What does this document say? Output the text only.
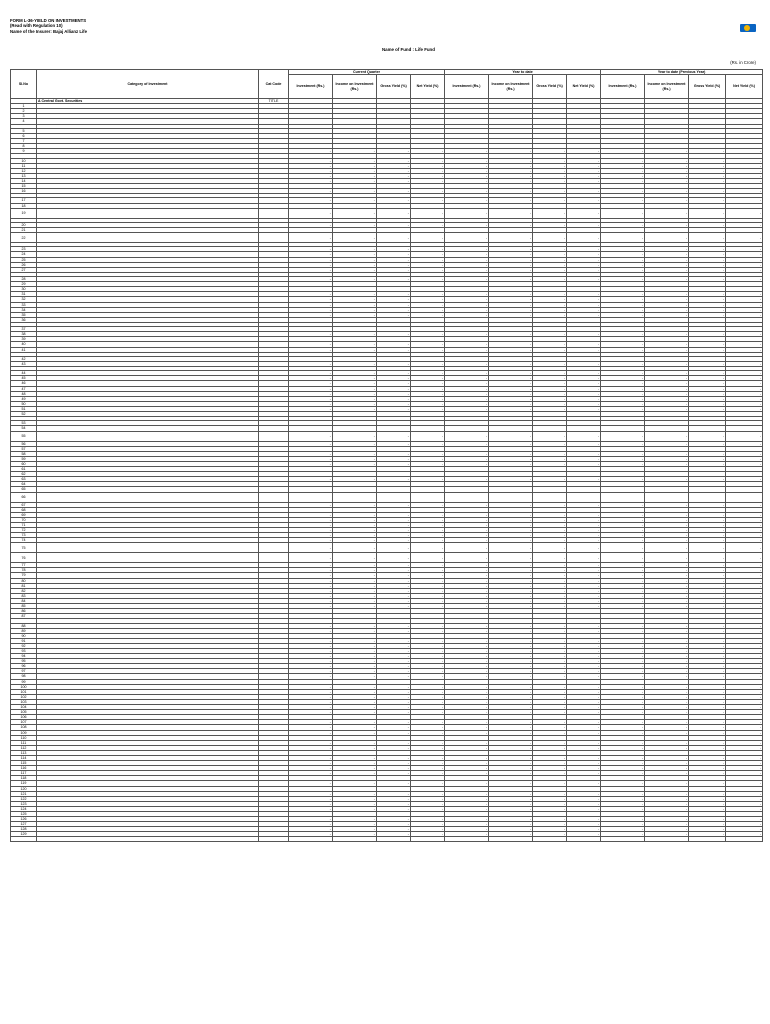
FORM L-36-YIELD ON INVESTMENTS
(Read with Regulation 10)
Name of the Insurer: Bajaj Allianz Life
Name of Fund : Life Fund
(Rs. in Crore)
Sl.No	Category of Investment	Cat Code	Current Quarter				Year to date				Year to date (Previous Year)			
			Investment (Rs.)	Income on Investment (Rs.)	Gross Yield (%)	Net Yield (%)	Investment (Rs.)	Income on Investment (Rs.)	Gross Yield (%)	Net Yield (%)	Investment (Rs.)	Income on Investment (Rs.)	Gross Yield (%)	Net Yield (%)
	A Central Govt. Securities	TITLE												
1														
2														
3														
4														

5														
6														
7														
8														
9			-	-	-	-	-	-	-	-	-	-	-	-

10			-	-	-	-	-	-	-	-	-	-	-	-
11			-	-	-	-	-	-	-	-	-	-	-	-
12			-	-	-	-	-	-	-	-	-	-	-	-
13			-	-	-	-	-	-	-	-	-	-	-	-
14			-	-	-	-	-	-	-	-	-	-	-	-
15														
16			-	-	-	-	-	-	-	-	-	-	-	-

17			-	-	-	-	-	-	-	-	-	-	-	-
18														
19			-	-	-	-	-	-	-	-	-	-	-	-

20			-	-	-	-	-	-	-	-	-	-	-	-
21														
22			-	-	-	-	-	-	-	-	-	-	-	-

23			-	-	-	-	-	-	-	-	-	-	-	-
24			-	-	-	-	-	-	-	-	-	-	-	-
25			-	-	-	-	-	-	-	-	-	-	-	-
26			-	-	-	-	-	-	-	-	-	-	-	-
27			-	-	-	-	-	-	-	-	-	-	-	-

28			-	-	-	-	-	-	-	-	-	-	-	-
29														
30														
31			-	-	-	-	-	-	-	-	-	-	-	-
32			-	-	-	-	-	-	-	-	-	-	-	-
33			-	-	-	-	-	-	-	-	-	-	-	-
34			-	-	-	-	-	-	-	-	-	-	-	-
35			-	-	-	-	-	-	-	-	-	-	-	-
36														

37														
38			-	-	-	-	-	-	-	-	-	-	-	-
39														
40			-	-	-	-	-	-	-	-	-	-	-	-
41			-	-	-	-	-	-	-	-	-	-	-	-

42														
43			-	-	-	-	-	-	-	-	-	-	-	-

44			-	-	-	-	-	-	-	-	-	-	-	-
45			-	-	-	-	-	-	-	-	-	-	-	-
46			-	-	-	-	-	-	-	-	-	-	-	-
47			-	-	-	-	-	-	-	-	-	-	-	-
48			-	-	-	-	-	-	-	-	-	-	-	-
49			-	-	-	-	-	-	-	-	-	-	-	-
50			-	-	-	-	-	-	-	-	-	-	-	-
51			-	-	-	-	-	-	-	-	-	-	-	-
52														

53														
54														
55			-	-	-	-	-	-	-	-	-	-	-	-
56			-	-	-	-	-	-	-	-	-	-	-	-
57														
58			-	-	-	-	-	-	-	-	-	-	-	-
59			-	-	-	-	-	-	-	-	-	-	-	-
60			-	-	-	-	-	-	-	-	-	-	-	-
61														
62														
63			-	-	-	-	-	-	-	-	-	-	-	-
64														
65														
66														
67			-	-	-	-	-	-	-	-	-	-	-	-
68														
69			-	-	-	-	-	-	-	-	-	-	-	-
70			-	-	-	-	-	-	-	-	-	-	-	-
71			-	-	-	-	-	-	-	-	-	-	-	-
72			-	-	-	-	-	-	-	-	-	-	-	-
73			-	-	-	-	-	-	-	-	-	-	-	-
74			-	-	-	-	-	-	-	-	-	-	-	-
75			-	-	-	-	-	-	-	-	-	-	-	-
76			-	-	-	-	-	-	-	-	-	-	-	-
77			-	-	-	-	-	-	-	-	-	-	-	-
78			-	-	-	-	-	-	-	-	-	-	-	-
79			-	-	-	-	-	-	-	-	-	-	-	-
80			-	-	-	-	-	-	-	-	-	-	-	-
81			-	-	-	-	-	-	-	-	-	-	-	-
82			-	-	-	-	-	-	-	-	-	-	-	-
83			-	-	-	-	-	-	-	-	-	-	-	-
84			-	-	-	-	-	-	-	-	-	-	-	-
85			-	-	-	-	-	-	-	-	-	-	-	-
86														
87														

88			-	-	-	-	-	-	-	-	-	-	-	-
89			-	-	-	-	-	-	-	-	-	-	-	-
90														
91			-	-	-	-	-	-	-	-	-	-	-	-
92			-	-	-	-	-	-	-	-	-	-	-	-
93			-	-	-	-	-	-	-	-	-	-	-	-
94			-	-	-	-	-	-	-	-	-	-	-	-
95			-	-	-	-	-	-	-	-	-	-	-	-
96			-	-	-	-	-	-	-	-	-	-	-	-
97			-	-	-	-	-	-	-	-	-	-	-	-
98			-	-	-	-	-	-	-	-	-	-	-	-
99														
100			-	-	-	-	-	-	-	-	-	-	-	-
101			-	-	-	-	-	-	-	-	-	-	-	-
102			-	-	-	-	-	-	-	-	-	-	-	-
103			-	-	-	-	-	-	-	-	-	-	-	-
104			-	-	-	-	-	-	-	-	-	-	-	-
105			-	-	-	-	-	-	-	-	-	-	-	-
106														
107			-	-	-	-	-	-	-	-	-	-	-	-
108			-	-	-	-	-	-	-	-	-	-	-	-
109			-	-	-	-	-	-	-	-	-	-	-	-
110														
111			-	-	-	-	-	-	-	-	-	-	-	-
112			-	-	-	-	-	-	-	-	-	-	-	-
113														
114			-	-	-	-	-	-	-	-	-	-	-	-
115			-	-	-	-	-	-	-	-	-	-	-	-
116			-	-	-	-	-	-	-	-	-	-	-	-
117			-	-	-	-	-	-	-	-	-	-	-	-
118														
119			-	-	-	-	-	-	-	-	-	-	-	-
120														
121			-	-	-	-	-	-	-	-	-	-	-	-
122			-	-	-	-	-	-	-	-	-	-	-	-
123			-	-	-	-	-	-	-	-	-	-	-	-
124			-	-	-	-	-	-	-	-	-	-	-	-
125														
126			-	-	-	-	-	-	-	-	-	-	-	-
127			-	-	-	-	-	-	-	-	-	-	-	-
128			-	-	-	-	-	-	-	-	-	-	-	-
129			-	-	-	-	-	-	-	-	-	-	-	-
